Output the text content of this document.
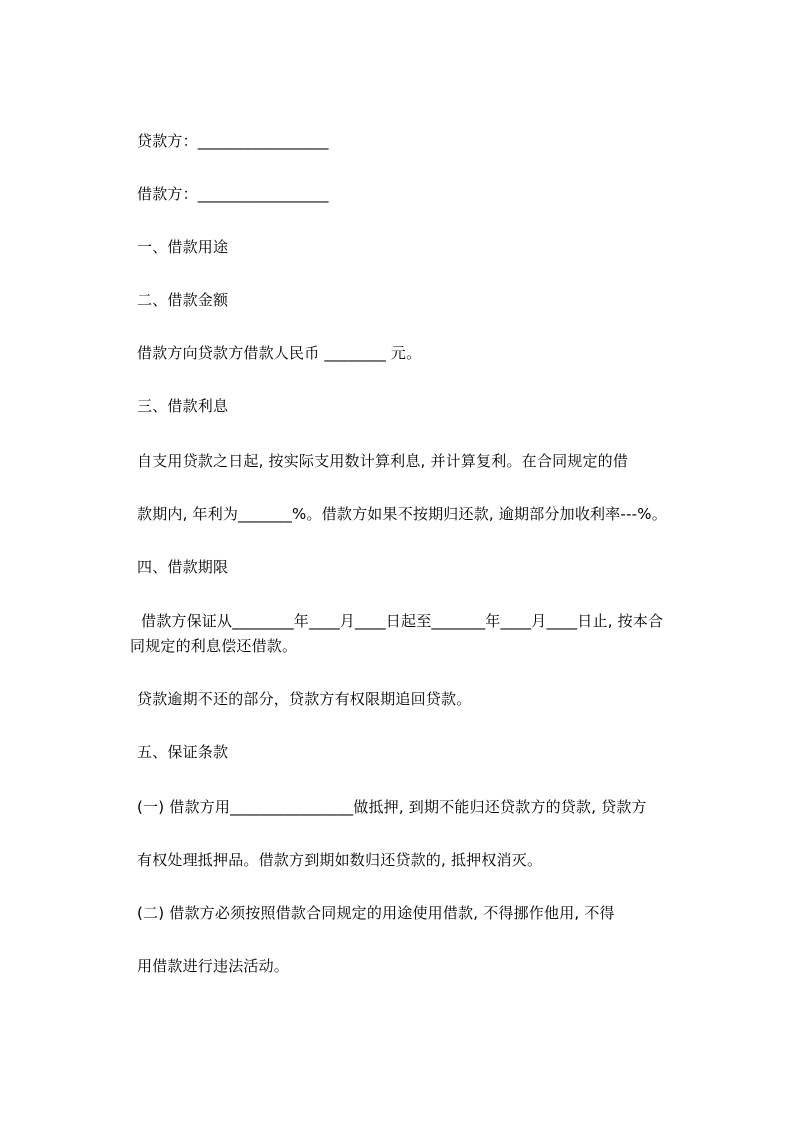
贷款方：_________________
借款方：_________________
一、借款用途
二、借款金额
借款方向贷款方借款人民币 ________ 元。
三、借款利息
自支用贷款之日起, 按实际支用数计算利息, 并计算复利。在合同规定的借
款期内, 年利为_______%。借款方如果不按期归还款, 逾期部分加收利率---%。
四、借款期限
借款方保证从________年____月____日起至_______年____月____日止, 按本合
同规定的利息偿还借款。
贷款逾期不还的部分，贷款方有权限期追回贷款。
五、保证条款
(一) 借款方用________________做抵押, 到期不能归还贷款方的贷款, 贷款方
有权处理抵押品。借款方到期如数归还贷款的, 抵押权消灭。
(二) 借款方必须按照借款合同规定的用途使用借款, 不得挪作他用, 不得
用借款进行违法活动。
